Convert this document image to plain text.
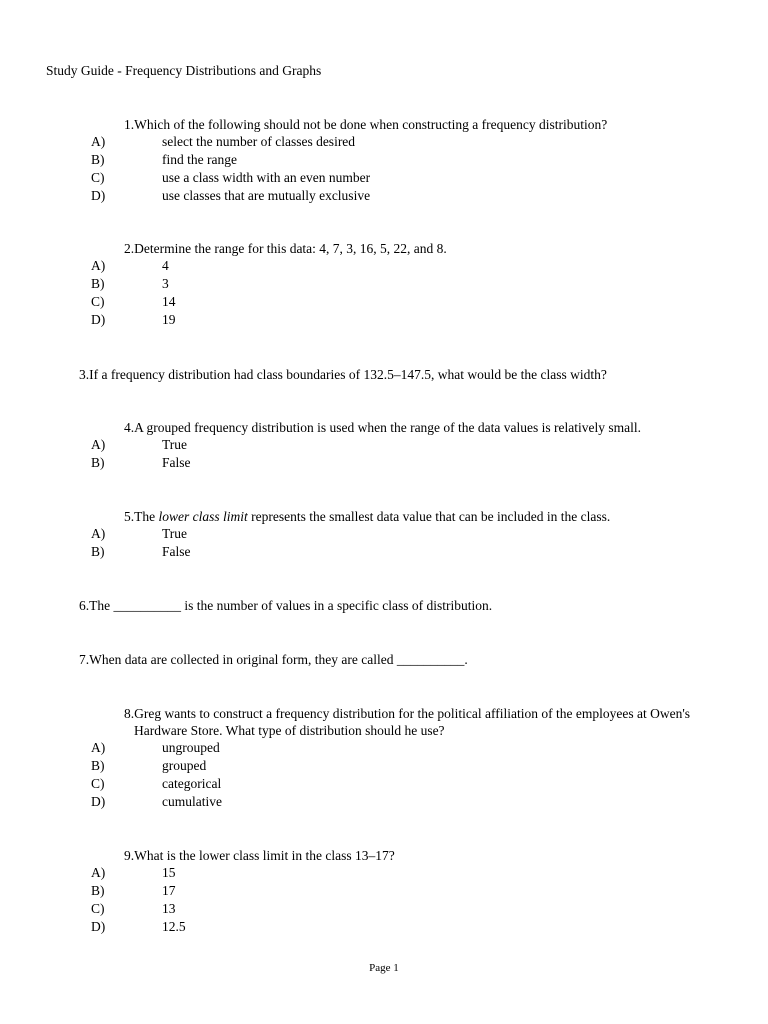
Study Guide - Frequency Distributions and Graphs

1.Which of the following should not be done when constructing a frequency distribution?

A)	select the number of classes desired
B)	find the range
C)	use a class width with an even number
D)	use classes that are mutually exclusive

2.Determine the range for this data: 4, 7, 3, 16, 5, 22, and 8.

A)	4
B)	3
C)	14
D)	19

3.If a frequency distribution had class boundaries of 132.5–147.5, what would be the class width?

4.A grouped frequency distribution is used when the range of the data values is relatively small.

A)	True
B)	False

5.The lower class limit represents the smallest data value that can be included in the class.

A)	True
B)	False

6.The __________ is the number of values in a specific class of distribution.

7.When data are collected in original form, they are called __________.

8.Greg wants to construct a frequency distribution for the political affiliation of the employees at Owen's
Hardware Store. What type of distribution should he use?

A)	ungrouped
B)	grouped
C)	categorical
D)	cumulative

9.What is the lower class limit in the class 13–17?

A)	15
B)	17
C)	13
D)	12.5
Page 1
